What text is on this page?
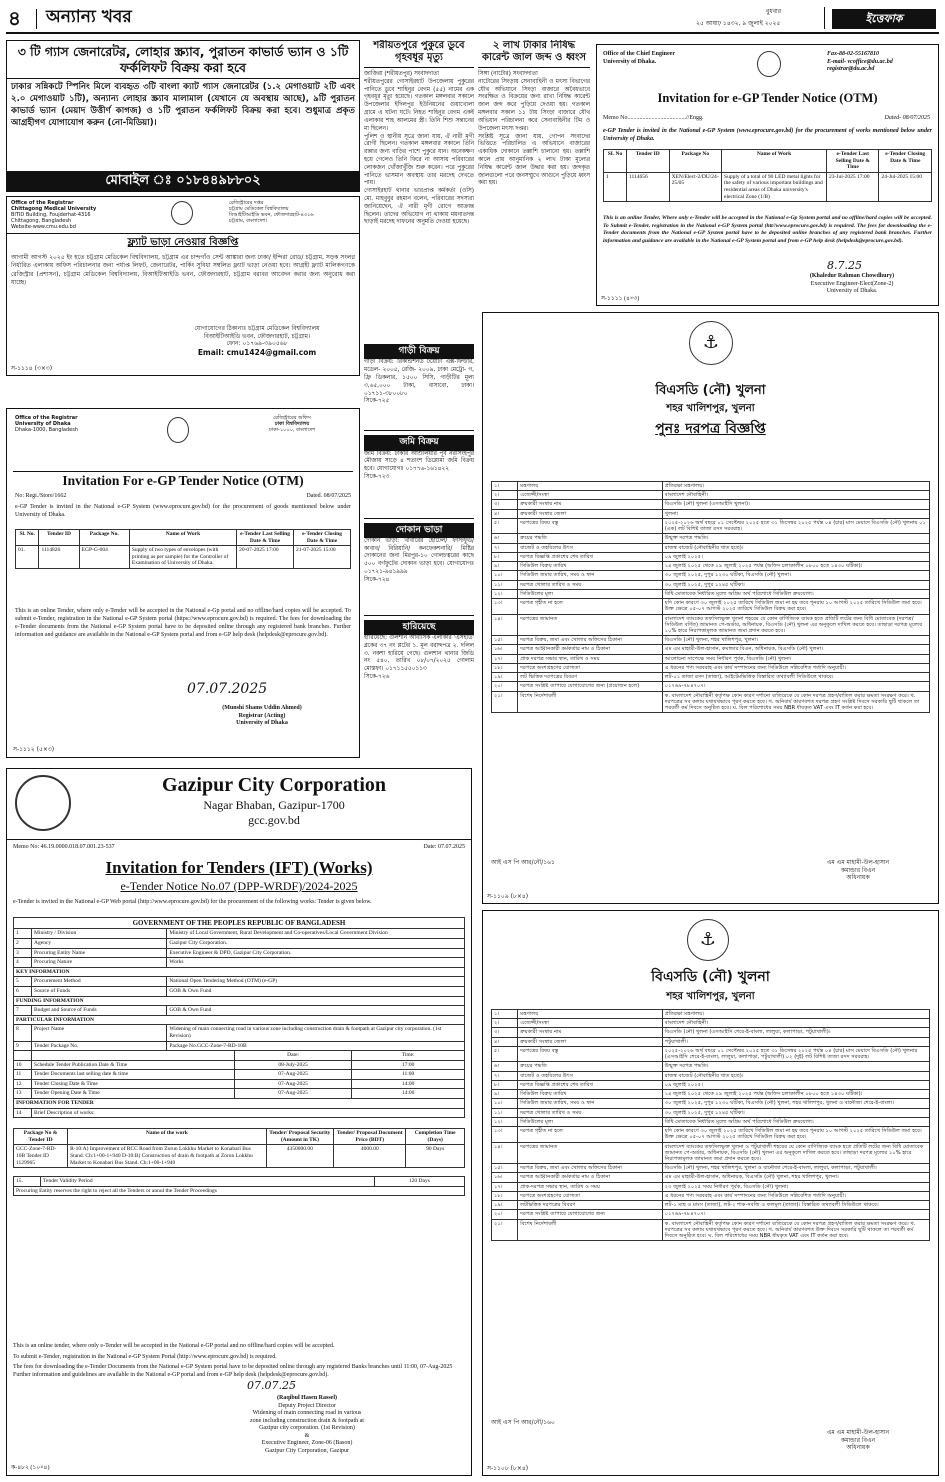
৪ অন্যান্য খবর	বুধবার
২৫ আষাঢ় ১৪৩২, ৯ জুলাই ২০২৫	ইত্তেফাক
৩ টি গ্যাস জেনারেটর, লোহার স্ক্র্যাব, পুরাতন কাভার্ড ভ্যান ও ১টি ফর্কলিফট বিক্রয় করা হবে
ঢাকার সন্নিকটে স্পিনিং মিলে ব্যবহৃত ৩টি বাংলা ক্যাট গ্যাস জেনারেটর (১.২ মেগাওয়াট ২টি এবং ২.০ মেগাওয়াট ১টি), অন্যান্য লোহার স্ক্র্যাব মালামাল (যেখানে যে অবস্থায় আছে), ৯টি পুরাতন কাভার্ড ভ্যান (মেয়াদ উত্তীর্ণ কাগজ) ও ১টি পুরাতন ফর্কলিফট বিক্রয় করা হবে। শুধুমাত্র প্রকৃত আগ্রহীগণ যোগাযোগ করুন (নো-মিডিয়া)।
মোবাইল ঃ ০১৮৪৪৯৮৮০২
Office of the Registrar
Chittagong Medical University
BITID Building, Foujderhat-4316
Chittagong, Bangladesh
Website-www.cmu.edu.bd
রেজিস্ট্রারের দপ্তর
চট্টগ্রাম মেডিকেল বিশ্ববিদ্যালয়
বিআইটিআইডি ভবন, ফৌজদারহাট-৪৩১৬
চট্টগ্রাম, বাংলাদেশ।
ফ্ল্যাট ভাড়া নেওয়ার বিজ্ঞপ্তি
আগামী আগস্ট ২০২৫ ইং হতে চট্টগ্রাম মেডিকেল বিশ্ববিদ্যালয়, চট্টগ্রাম এর চান্দগাঁও সেন্ট আঙ্কারা জন্য ঢাকা/ ইন্দিরা রোড/ চট্টগ্রাম, সড়ক সংলগ্ন নির্ধারিত এলাকায় অফিস পরিচালনার জন্য পর্যাপ্ত লিফট, জেনারেটর, পার্কিং সুবিধা সম্বলিত ফ্ল্যাট ভাড়া নেওয়া হবে। আগ্রহী ফ্ল্যাট মালিকগণকে রেজিস্ট্রার (প্রশাসন), চট্টগ্রাম মেডিকেল বিশ্ববিদ্যালয়, বিআইটিআইডি ভবন, ফৌজদারহাট, চট্টগ্রাম বরাবর আবেদন করার জন্য অনুরোধ করা যাচ্ছে।
যোগাযোগের ঠিকানাঃ চট্টগ্রাম মেডিকেল বিশ্ববিদ্যালয়
বিআইটিআইডি ভবন, ফৌজদারহাট, চট্টগ্রাম।
ফোন: ০১৭৬৯-৩৯০৫৬৮
Email: cmu1424@gmail.com
স-১১১৪ (৩×৩)
Office of the Registrar
University of Dhaka
Dhaka-1000, Bangladesh
রেজিস্ট্রারের অফিস
ঢাকা বিশ্ববিদ্যালয়
ঢাকা-১০০০, বাংলাদেশ
Invitation For e-GP Tender Notice (OTM)
No: Regi./Store/1662	Dated. 08/07/2025
e-GP Tender is invited in the National e-GP System (www.eprocure.gov.bd) for the procurement of goods mentioned below under University of Dhaka.
Sl. No.	Tender ID	Package No.	Name of Work	e-Tender Last Selling Date & Time	e-Tender Closing Date & Time
01.	1114826	EGP-G-004	Supply of two types of envelopes (with printing as per sample) for the Controller of Examination of University of Dhaka.	20-07-2025 17:00	21-07-2025 15:00
This is an online Tender, where only e-Tender will be accepted in the National e-Gp portal and no offline/hard copies will be accepted. To submit e-Tender, registration in the National e-GP System portal (https://www.eprocure.gov.bd) is required. The fees for downloading the e-Tender documents from the National e-GP System portal have to be deposited online through any registered bank branches. Further information and guidance are available in the National e-GP System portal and from e-GP help desk (helpdesk@eprocure.gov.bd).
07.07.2025
(Munshi Shams Uddin Ahmed)
Registrar (Acting)
University of Dhaka
স-১১১২ (৫×৩)
শরীয়তপুরে পুকুরে ডুবে গৃহবধূর মৃত্যু
জাজিরা (শরীয়তপুর) সংবাদদাতা
শরীয়তপুরের গোসাইরহাট উপজেলায় পুকুরের পানিতে ডুবে শাহিনুর বেগম (৫৫) নামের এক গৃহবধূর মৃত্যু হয়েছে। গতকাল মঙ্গলবার সকালে উপজেলার ইদিলপুর ইউনিয়নের গুয়াখোলা গ্রামে এ ঘটনা ঘটে। নিহত শাহিনুর বেগম একই এলাকার শাহ আলমের স্ত্রী। তিনি শিশু সন্তানের মা ছিলেন।
পুলিশ ও স্থানীয় সূত্রে জানা যায়, ঐ নারী মৃগী রোগী ছিলেন। গতকাল মঙ্গলবার সকালে তিনি রান্নার জন্য বাড়ির পাশে পুকুরে যান। অনেকক্ষণ হয়ে গেলেও তিনি ফিরে না আসায় পরিবারের লোকজন খোঁজাখুঁজি শুরু করেন। পরে পুকুরের পানিতে ভাসমান অবস্থায় তার মরদেহ দেখতে পায়।
গোসাইরহাট থানার ভারপ্রাপ্ত কর্মকর্তা (ওসি) মো. মাহবুবুর রহমান বলেন, পরিবারের সদস্যরা জানিয়েছেন, ঐ নারী মৃগী রোগে আক্রান্ত ছিলেন। তাদের অভিযোগ না থাকায় ময়নাতদন্ত ছাড়াই মরদেহ দাফনের অনুমতি দেওয়া হয়েছে।
গাড়ী বিক্রয়
গাড়ী বিক্রয়: রিকন্ডিশনড টয়োটা এক্স-ফিল্ডার, মডেল- ২০০৫, রেজি- ২০০৯, ঢাকা মেট্রো- গ, ফ্রি ডিকলার, ১৫০০ সিসি, গাড়ীটির মূল্য ৩,৬৫,০০০ টাকা, বাসাবো, ঢাকা। ০১৭১১-৩৮০০৮০
সিকে-৭২৫
জমি বিক্রয়
জমি বিক্রয়: ঢাকার আশুলিয়ার পূর্ব নরসিংহপুর মৌজায় সাড়ে ৪ শতাংশ ডিপ্লোমা জমি বিক্রয় হবে। যোগাযোগঃ ০১৭৭৬-১৬১৪২২
সিকে-৭২৩
দোকান ভাড়া
দোকান ভাড়া: খাবারের হোটেল/ ফাস্টফুড/ কাবাব/ বিরিয়ানি/ কনফেকশনারি/ মিষ্টির দোকানের জন্য মিরপুর-১০ গোলচত্বরের কাছে ৫০০ বর্গফুটের দোকান ভাড়া হবে। যোগাযোগঃ ০১৭২১-৯৪১৯৯৯
সিকে-৭২৪
হারিয়েছে
হারিয়েছে: গুলশান আবাসিক এলাকার 'এসইডি' ব্লকের ৩৭ নং প্লটের ১. মূল বরাদ্দপত্র ২. দলিল ৩. নকশা হারিয়ে গেছে। গুলশান থানার জিডি নং ৫৪০, তারিখ ০৮/০৭/২০২৫ গোলাম মোস্তফা। ০১৭১১৫৫০১১৩
সিকে-৭২৬
২ লাখ টাকার নিষিদ্ধ কারেন্ট জাল জব্দ ও ধ্বংস
সিঙ্গা (নাটোর) সংবাদদাতা
নাটোরের সিংড়ায় সেনাবাহিনী ও মৎস্য বিভাগের যৌথ অভিযানে সিংড়া বাজারে অবৈধভাবে সংরক্ষিত ও বিক্রয়ের জন্য রাখা নিষিদ্ধ কারেন্ট জাল জব্দ করে পুড়িয়ে দেওয়া হয়। গতকাল মঙ্গলবার সকাল ১১ টায় সিংড়া বাজারে যৌথ অভিযান পরিচালনা করে সেনাবাহিনীর টিম ও উপজেলা মৎস্য দপ্তর।
সংশ্লিষ্ট সূত্রে জানা যায়, গোপন সংবাদের ভিত্তিতে পরিচালিত এ অভিযানে বাজারের একাধিক দোকানে তল্লাশি চালানো হয়। তল্লাশি কালে প্রায় আনুমানিক ২ লাখ টাকা মূল্যের নিষিদ্ধ কারেন্ট জাল উদ্ধার করা হয়। জব্দকৃত জালগুলো পরে জনসম্মুখে আগুনে পুড়িয়ে ধ্বংস করা হয়।
Office of the Chief Engineer
University of Dhaka.
Fax-88-02-55167810
E-mail- vcoffice@du.ac.bd
registrar@du.ac.bd
Memo No.......................................//Engg.
Invitation for e-GP Tender Notice (OTM)
Dated- 08/07/2025
e-GP Tender is invited in the National e-GP System (www.eprocure.gov.bd) for the procurement of works mentioned below under University of Dhaka.
SL No	Tender ID	Package No	Name of Work	e-Tender Last Selling Date & Time	e-Tender Closing Date & Time
1	1114656	XEN/Elect-2/DU/24-25/05	Supply of a total of 90 LED metal lights for the safety of various important buildings and residential areas of Dhaka university's electrical Zone (1/B)	23-Jul-2025 17:00	24-Jul-2025 15:00
This is an online Tender, Where only e-Tender will be accepted in the National e-Gp System portal and no offline/hard copies will be accepted. To Submit e-Tender, registration in the National e-GP System portal (htt//www.eprocure.gov.bd) is required. The fees for downloading the e-Tender documents from the National e-GP System portal have to be deposited online branches of any registered bank branches. Further information and guidance are available in the National e-GP System portal and from e-GP help desk (helpdesk@eprocure.gov.bd).
8.7.25
(Khaledur Rahman Chowdhury)
Executive Engineer-Elect(Zone-2)
University of Dhaka.
স-১১১১ (৪×৩)
⚓
বিএসডি (নৌ) খুলনা
শহর খালিশপুর, খুলনা
পুনঃ দরপত্র বিজ্ঞপ্তি
১।	মন্ত্রণালয়	প্রতিরক্ষা মন্ত্রণালয়।
২।	এজেন্সী/সংস্থা	বাংলাদেশ নৌবাহিনী।
৩।	ক্রয়কারী সংস্থার নাম	বিএসডি (নৌ) খুলনা (এসআইসি খুলনা)।
৪।	ক্রয়কারী সংস্থার জেলা	খুলনা।
৫।	দরপত্রের বিষয় বস্তু	২০২৫-২০২৬ অর্থ বছরে ০১ সেপ্টেম্বর ২০২৫ হতে ৩১ ডিসেম্বর ২০২৫ পর্যন্ত ০৪ (চার) মাস মেয়াদে বিএসডি (নৌ) খুলনায় ০১ (এক) লট বিশিষ্ট তাজা রসদ সরবরাহ।
৬।	ক্রয়ের পদ্ধতি	উন্মুক্ত দরপত্র পদ্ধতি।
৭।	বাজেট ও তহবিলের উৎস	রাজস্ব বাজেট (নৌবাহিনীর খাত হতে)।
৮।	দরপত্র বিজ্ঞপ্তি প্রকাশের শেষ তারিখ	০৯ জুলাই ২০২৫।
৯।	সিডিউল বিক্রয় তারিখ	১৪ জুলাই ২০২৫ থেকে ২৯ জুলাই ২০২৫ পর্যন্ত (অফিস চলাকালীন ০৮০০ হতে ১৪৩০ ঘটিকা)।
১০।	সিডিউল জমার তারিখ, সময় ও স্থান	৩০ জুলাই ২০২৫, দুপুর ১২৩০ ঘটিকা, বিএসডি (নৌ) খুলনা।
১১।	দরপত্র খোলার তারিখ ও সময়	৩০ জুলাই ২০২৫, দুপুর ১২৪৫ ঘটিকা।
১২।	সিডিউলের মূল্য	বিধি মোতাবেক নির্ধারিত মূল্যে অগ্রিম অর্থ পরিশোধে সিডিউল ক্রয়যোগ্য।
১৩।	দরপত্র গৃহীত না হলে	যদি কোন কারণে ৩০ জুলাই ২০২৫ তারিখে সিডিউল জমা না হয় তবে পুনরায় ১০ আগস্ট ২০২৫ তারিখে সিডিউল জমা হবে। উক্ত ক্ষেত্রে ০৫-০৭ আগস্ট ২০২৫ তারিখে সিডিউল বিক্রয় করা হবে।
১৪।	দরপত্রের জামানত	বাংলাদেশ ব্যাংকের তফসিলভুক্ত খুলনা শহরের যে কোন বাণিজ্যিক ব্যাংক হতে প্রতিটি লটের জন্য বিধি মোতাবেক (দরপত্র/সিডিউল বর্ণিত) জামানত পে-অর্ডার, অধিনায়ক, বিএসডি (নৌ) খুলনা এর অনুকূলে দাখিল করতে হবে। তাছাড়া দরপত্র মূল্যের ১০% হারে নিরাপত্তামূলক জামানত জমা প্রদান করতে হবে।
১৫।	দরপত্র বিক্রয়, জমা এবং খোলার অফিসের ঠিকানা	বিএসডি (নৌ) খুলনা, শহর খালিশপুর, খুলনা।
১৬।	দরপত্র আহ্বানকারী কর্মকর্তার নাম ও ঠিকানা	এম এম মাহামী-উল-হাসান, কমান্ডার বিএন, অধিনায়ক, বিএসডি (নৌ) খুলনা।
১৭।	প্রাক দরপত্র সভার স্থান, তারিখ ও সময়	আলোচনা সাপেক্ষে সময় নির্ধারণ পূর্বক, বিএসডি (নৌ) খুলনা।
১৮।	দরপত্রে অংশগ্রহণের যোগ্যতা	এ ধরনের পণ্য সরবরাহ এবং কার্য সম্পাদনের জন্য সিডিউলে সন্নিবেশিত শর্তাদি অনুযায়ী।
১৯।	লট ভিত্তিক দরপত্রের বিবরণ	লট-০১ তাজা রসদ (তাজা), আইটেমভিত্তিক বিস্তারিত তথ্যাবলী সিডিউলে থাকবে।
২০।	দরপত্র সংশ্লিষ্ট ব্যাপারে যোগাযোগের জন্য (প্রয়োজন হলে)	০১৭৬৯-৭৮৪৭০৭।
২১।	বিশেষ নির্দেশাবলী	ক. বাংলাদেশ নৌবাহিনী কর্তৃপক্ষ কোন কারণ দর্শানো ব্যতিরেকে যে কোন দরপত্র গ্রহণ/বাতিল করার ক্ষমতা সংরক্ষণ করে। খ. দরপত্রের সব কলাম যথাযথভাবে পূরণ করতে হবে। গ. অনিবার্য কারণবশত দরপত্র গ্রহণ সংশ্লিষ্ট দিবসে সরকারি ছুটি থাকলে তা পরবর্তী কর্ম দিবসে অনুষ্ঠিত হবে। ঘ. বিল পরিশোধের সময় NBR র্ধাযকৃত VAT এবং IT কর্তন করা হবে।
আই এস পি আর/নৌ/১৬১	এম এম মাহামী-উল-হাসান
কমান্ডার বিএন
অধিনায়ক
স-১১০৯ (৮×৪)
⚓
বিএসডি (নৌ) খুলনা
শহর খালিশপুর, খুলনা
১।	মন্ত্রণালয়	প্রতিরক্ষা মন্ত্রণালয়।
২।	এজেন্সী/সংস্থা	বাংলাদেশ নৌবাহিনী।
৩।	ক্রয়কারী সংস্থার নাম	বিএসডি (নৌ) খুলনা (এসআইসি শেরে-ই-বাংলা, লালুয়া, কলাপাড়া, পটুয়াখালী)।
৪।	ক্রয়কারী সংস্থার জেলা	পটুয়াখালী।
৫।	দরপত্রের বিষয় বস্তু	২০২৫-২০২৬ অর্থ বছরে ০১ সেপ্টেম্বর ২০২৫ হতে ৩১ ডিসেম্বর ২০২৫ পর্যন্ত ০৪ (চার) মাস মেয়াদে বিএসডি (নৌ) খুলনার (এসআইসি শেরে-ই-বাংলা, লালুয়া, কলাপাড়া, পটুয়াখালী) ০২ (দুই) লট বিশিষ্ট তাজা রসদ সরবরাহ।
৬।	ক্রয়ের পদ্ধতি	উন্মুক্ত দরপত্র পদ্ধতি।
৭।	বাজেট ও তহবিলের উৎস	রাজস্ব বাজেট (নৌবাহিনীর খাত হতে)।
৮।	দরপত্র বিজ্ঞপ্তি প্রকাশের শেষ তারিখ	০৯ জুলাই ২০২৫।
৯।	সিডিউল বিক্রয় তারিখ	১৪ জুলাই ২০২৫ থেকে ২৯ জুলাই ২০২৫ পর্যন্ত (অফিস চলাকালীন ০৮০০ হতে ১৪৩০ ঘটিকা)।
১০।	সিডিউল জমার তারিখ, সময় ও স্থান	৩০ জুলাই ২০২৫, দুপুর ১২৩০ ঘটিকা, বিএসডি (নৌ) খুলনা, শহর খালিশপুর, খুলনা ও বানৌজা শেরে-ই-বাংলা।
১১।	দরপত্র খোলার তারিখ ও সময়	৩০ জুলাই ২০২৫, দুপুর ১২৪৫ ঘটিকা।
১২।	সিডিউলের মূল্য	বিধি মোতাবেক নির্ধারিত মূল্যে অগ্রিম অর্থ পরিশোধে সিডিউল ক্রয়যোগ্য।
১৩।	দরপত্র গৃহীত না হলে	যদি কোন কারণে ৩০ জুলাই ২০২৫ তারিখে সিডিউল জমা না হয় তবে পুনরায় ১০ আগস্ট ২০২৫ তারিখে সিডিউল জমা হবে। উক্ত ক্ষেত্রে ০৫-০৭ আগস্ট ২০২৫ তারিখে সিডিউল বিক্রয় করা হবে।
১৪।	দরপত্রের জামানত	বাংলাদেশ ব্যাংকের তফসিলভুক্ত খুলনা ও পটুয়াখালী শহরের যে কোন বাণিজ্যিক ব্যাংক হতে প্রতিটি লটের জন্য বিধি মোতাবেক জামানত পে-অর্ডার, অধিনায়ক, বিএসডি (নৌ) খুলনা এর অনুকূলে দাখিল করতে হবে। তাছাড়া দরপত্র মূল্যের ১০% হারে নিরাপত্তামূলক জামানত জমা প্রদান করতে হবে।
১৫।	দরপত্র বিক্রয়, জমা এবং খোলার অফিসের ঠিকানা	বিএসডি (নৌ) খুলনা, শহর খালিশপুর, খুলনা ও বানৌজা শেরে-ই-বাংলা, লালুয়া, কলাপাড়া, পটুয়াখালী।
১৬।	দরপত্র আহ্বানকারী কর্মকর্তার নাম ও ঠিকানা	এম এম মাহামী-উল-হাসান, অধিনায়ক, বিএসডি (নৌ) খুলনা, শহর খালিশপুর, খুলনা।
১৭।	প্রাক-দরপত্র সভার স্থান, তারিখ ও সময়	২৩ জুলাই ২০২৫ সময় নির্ধারণ পূর্বক, বিএসডি (নৌ) খুলনা।
১৮।	দরপত্রে অংশগ্রহণের যোগ্যতা	এ ধরনের পণ্য সরবরাহ এবং কার্য সম্পাদনের জন্য সিডিউলে সন্নিবেশিত শর্তাদি অনুযায়ী।
১৯।	লটভিত্তিক দরপত্রের বিবরণ	লট-১ মাছ ও মাংস (তাজা), লট-২ শাক-সবজি ও ফলমূল (তাজা)। বিস্তারিত তথ্যাবলী সিডিউলে থাকবে।
২০।	দরপত্র সংশ্লিষ্ট ব্যাপারে যোগাযোগের জন্য	০১৭৬৯-৭৮৪৭০৭।
২১।	বিশেষ নির্দেশাবলী	ক. বাংলাদেশ নৌবাহিনী কর্তৃপক্ষ কোন কারণ দর্শানো ব্যতিরেকে যে কোন দরপত্র গ্রহণ/বাতিল করার ক্ষমতা সংরক্ষণ করে। খ. দরপত্রের সব কলাম যথাযথভাবে পূরণ করতে হবে। গ. অনিবার্য কারণবশত উক্ত দিবসে সরকারি ছুটি থাকলে তা পরবর্তী কর্ম দিবসে অনুষ্ঠিত হবে। ঘ. বিল পরিশোধের সময় NBR র্ধাযকৃত VAT এবং IT কর্তন করা হবে।
আই এস পি আর/নৌ/১৬০
এম এম মাহামী-উল-হাসান
কমান্ডার বিএন
অধিনায়ক
স-১১০৮ (৮×৪)
Gazipur City Corporation
Nagar Bhaban, Gazipur-1700
gcc.gov.bd
Memo No: 46.19.0000.018.07.001.23-537	Date: 07.07.2025
Invitation for Tenders (IFT) (Works)
e-Tender Notice No.07 (DPP-WRDF)/2024-2025
e-Tender is invited in the National e-GP Web portal (http://www.eprocure.gov.bd) for the procurement of the following works: Tender is given below.
GOVERNMENT OF THE PEOPLES REPUBLIC OF BANGLADESH		
1	Ministry / Division	Ministry of Local Government, Rural Development and Co-operatives/Local Government Division
2	Agency	Gazipur City Corporation.
3	Procuring Entity Name	Executive Engineer & DPD, Gazipur City Corporation.
4	Procuring Nature	Works
KEY INFORMATION		
5	Procurement Method	National Open Tendering Method (OTM) (e-GP)
6	Source of Funds	GOB & Own Fund
FUNDING INFORMATION		
7	Budget and Source of Funds	GOB & Own Fund
PARTICULAR INFORMATION		
8	Project Name	Widening of main connecting road in various zone including construction drain & footpath at Gazipur city corporation. (1st Revision)
9	Tender Package No.	Package No.GCC-Zone-7-RD-10B
		Date:	Time:
10	Schedule Tender Publication Date & Time	08-July-2025	17:00
11	Tender Documents last selling date & time	07-Aug-2025	11:00
12	Tender Closing Date & Time	07-Aug-2025	14:00
13	Tender Opening Date & Time	07-Aug-2025	14:00
INFORMATION FOR TENDER			
14	Brief Description of works:		
Package No & Tender ID	Name of the work	Tender/ Proposal Security (Amount in TK)	Tender/ Proposal Document Price (BDT)	Completion Time (Days)
GCC-Zone-7-RD-10B Tender ID 1129965	R-10:A) Improvement of RCC Road from Zorun Lokkhu Market to Konabari Bus Stand. Ch:1+00-1+940 D-10:B) Construction of drain & footpath at Zorun Lokkhu Market to Konabari Bus Stand. Ch:1+00-1+940	4350000.00	4000.00	90 Days
15.	Tender Validity Period	120 Days
Procuring Entity reserves the right to reject all the Tenders or annul the Tender Proceedings
This is an online tender, where only e-Tender will be accepted in the National e-GP portal and no offline/hard copies will be accepted.
To submit e-Tender, registration in the National e-GP System Portal (http://www.eprocure.gov.bd) is required.
The fees for downloading the e-Tender Documents from the National e-GP System portal have to be deposited online through any registered Banks branches until 11:00, 07-Aug-2025 Further information and guidelines are available in the National e-GP portal and from e-GP help desk (helpdesk@eprocure.gov.bd).
07.07.25
(Raqibul Hasen Rassel)
Deputy Project Director
Widening of main connecting road in various
zone including construction drain & footpath at
Gazipur city corporation. (1st Revision)
&
Executive Engineer, Zone-06 (Bason)
Gazipur City Corporation, Gazipur
ক-৪৮২ (১০×৪)
